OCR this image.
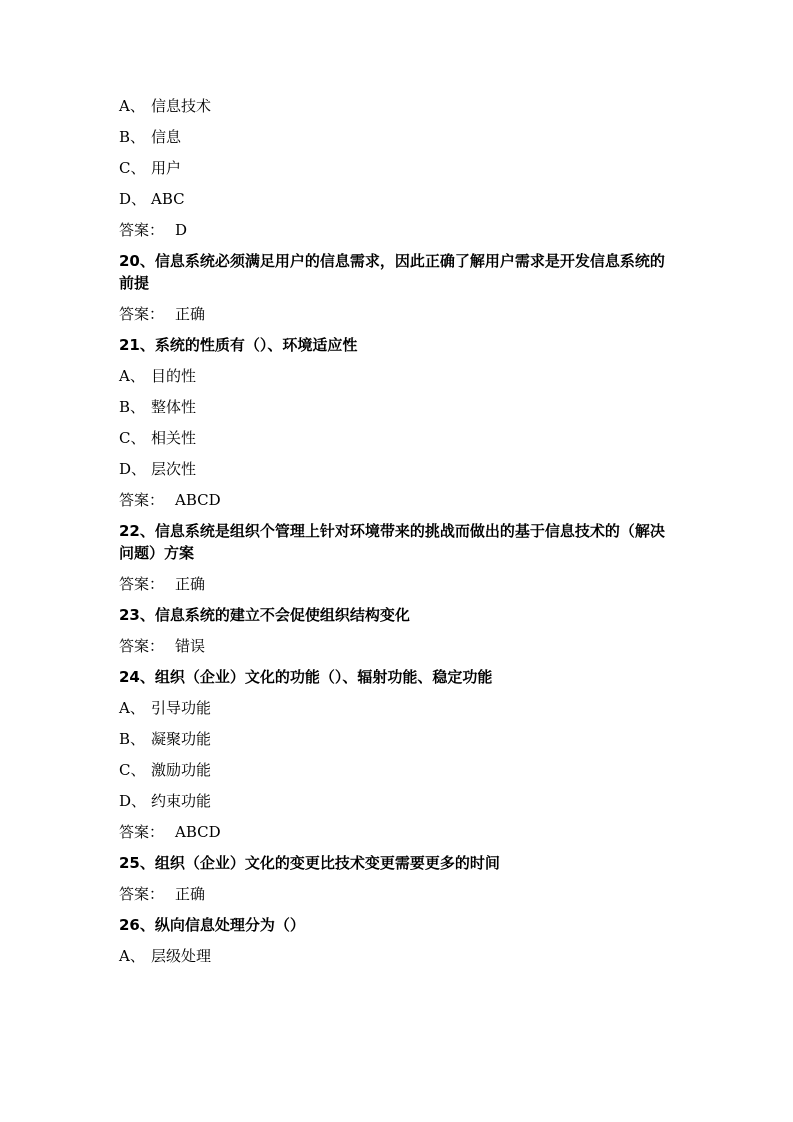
A、 信息技术
B、 信息
C、 用户
D、 ABC
答案： D
20、信息系统必须满足用户的信息需求，因此正确了解用户需求是开发信息系统的前提
答案： 正确
21、系统的性质有（）、环境适应性
A、 目的性
B、 整体性
C、 相关性
D、 层次性
答案： ABCD
22、信息系统是组织个管理上针对环境带来的挑战而做出的基于信息技术的（解决问题）方案
答案： 正确
23、信息系统的建立不会促使组织结构变化
答案： 错误
24、组织（企业）文化的功能（）、辐射功能、稳定功能
A、 引导功能
B、 凝聚功能
C、 激励功能
D、 约束功能
答案： ABCD
25、组织（企业）文化的变更比技术变更需要更多的时间
答案： 正确
26、纵向信息处理分为（）
A、 层级处理
